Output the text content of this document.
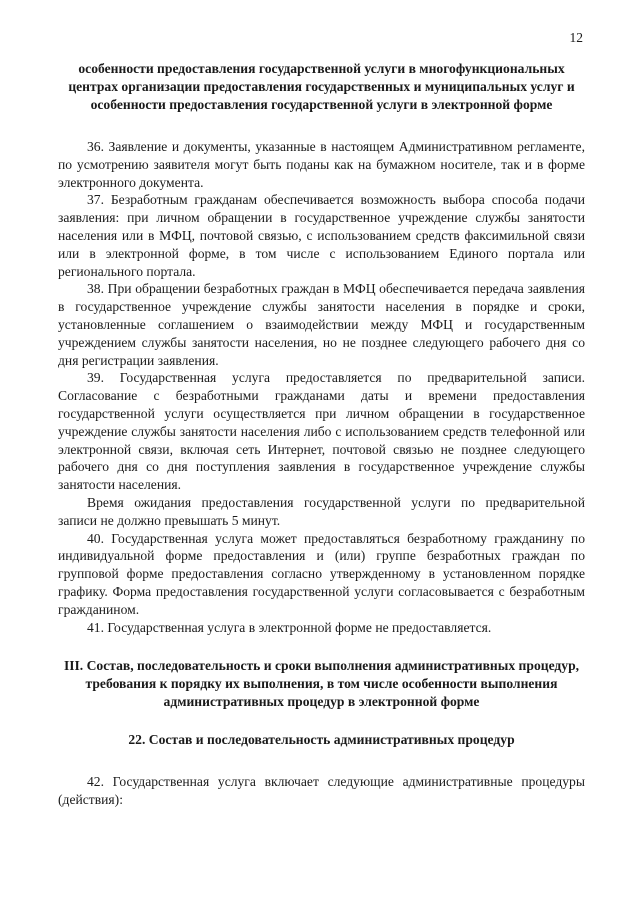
12

особенности предоставления государственной услуги в многофункциональных центрах организации предоставления государственных и муниципальных услуг и особенности предоставления государственной услуги в электронной форме

36. Заявление и документы, указанные в настоящем Административном регламенте, по усмотрению заявителя могут быть поданы как на бумажном носителе, так и в форме электронного документа.

37. Безработным гражданам обеспечивается возможность выбора способа подачи заявления: при личном обращении в государственное учреждение службы занятости населения или в МФЦ, почтовой связью, с использованием средств факсимильной связи или в электронной форме, в том числе с использованием Единого портала или регионального портала.

38. При обращении безработных граждан в МФЦ обеспечивается передача заявления в государственное учреждение службы занятости населения в порядке и сроки, установленные соглашением о взаимодействии между МФЦ и государственным учреждением службы занятости населения, но не позднее следующего рабочего дня со дня регистрации заявления.

39. Государственная услуга предоставляется по предварительной записи. Согласование с безработными гражданами даты и времени предоставления государственной услуги осуществляется при личном обращении в государственное учреждение службы занятости населения либо с использованием средств телефонной или электронной связи, включая сеть Интернет, почтовой связью не позднее следующего рабочего дня со дня поступления заявления в государственное учреждение службы занятости населения.

Время ожидания предоставления государственной услуги по предварительной записи не должно превышать 5 минут.

40. Государственная услуга может предоставляться безработному гражданину по индивидуальной форме предоставления и (или) группе безработных граждан по групповой форме предоставления согласно утвержденному в установленном порядке графику. Форма предоставления государственной услуги согласовывается с безработным гражданином.

41. Государственная услуга в электронной форме не предоставляется.

III. Состав, последовательность и сроки выполнения административных процедур, требования к порядку их выполнения, в том числе особенности выполнения административных процедур в электронной форме

22. Состав и последовательность административных процедур

42. Государственная услуга включает следующие административные процедуры (действия):
